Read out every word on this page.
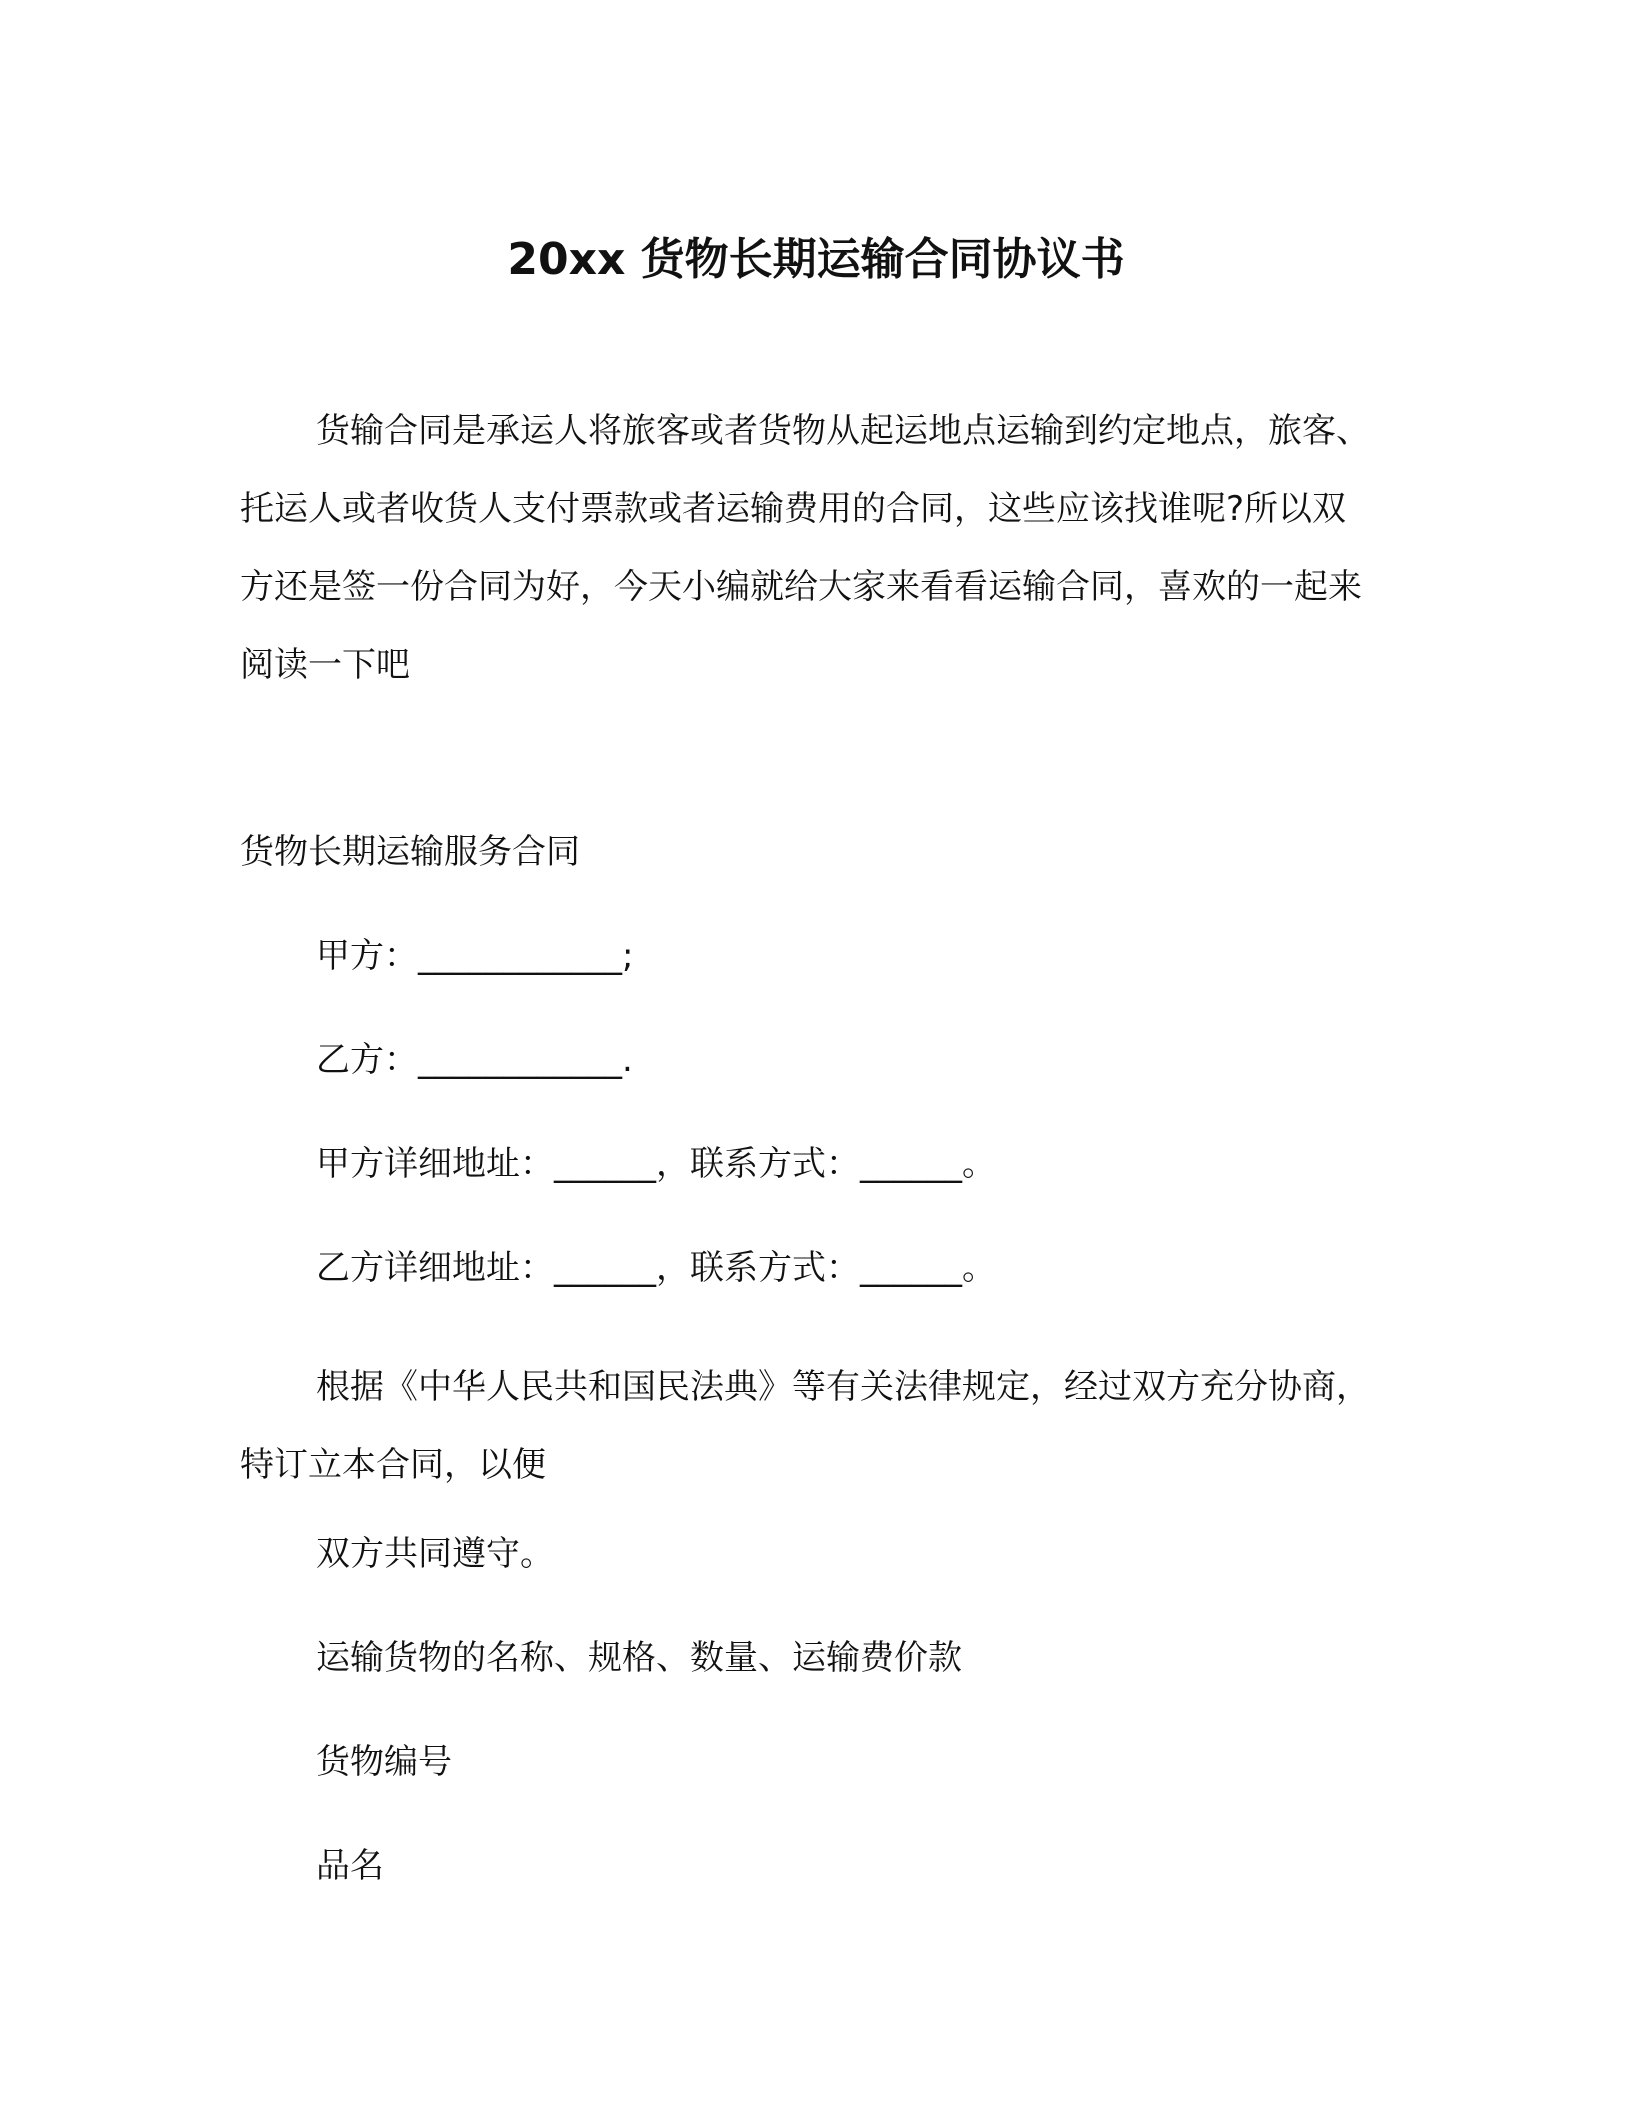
20xx 货物长期运输合同协议书

货输合同是承运人将旅客或者货物从起运地点运输到约定地点，旅客、托运人或者收货人支付票款或者运输费用的合同，这些应该找谁呢?所以双方还是签一份合同为好，今天小编就给大家来看看运输合同，喜欢的一起来阅读一下吧

货物长期运输服务合同

甲方：____________;

乙方：____________.

甲方详细地址：______，联系方式：______。

乙方详细地址：______，联系方式：______。

根据《中华人民共和国民法典》等有关法律规定，经过双方充分协商，特订立本合同，以便

双方共同遵守。

运输货物的名称、规格、数量、运输费价款

货物编号

品名
